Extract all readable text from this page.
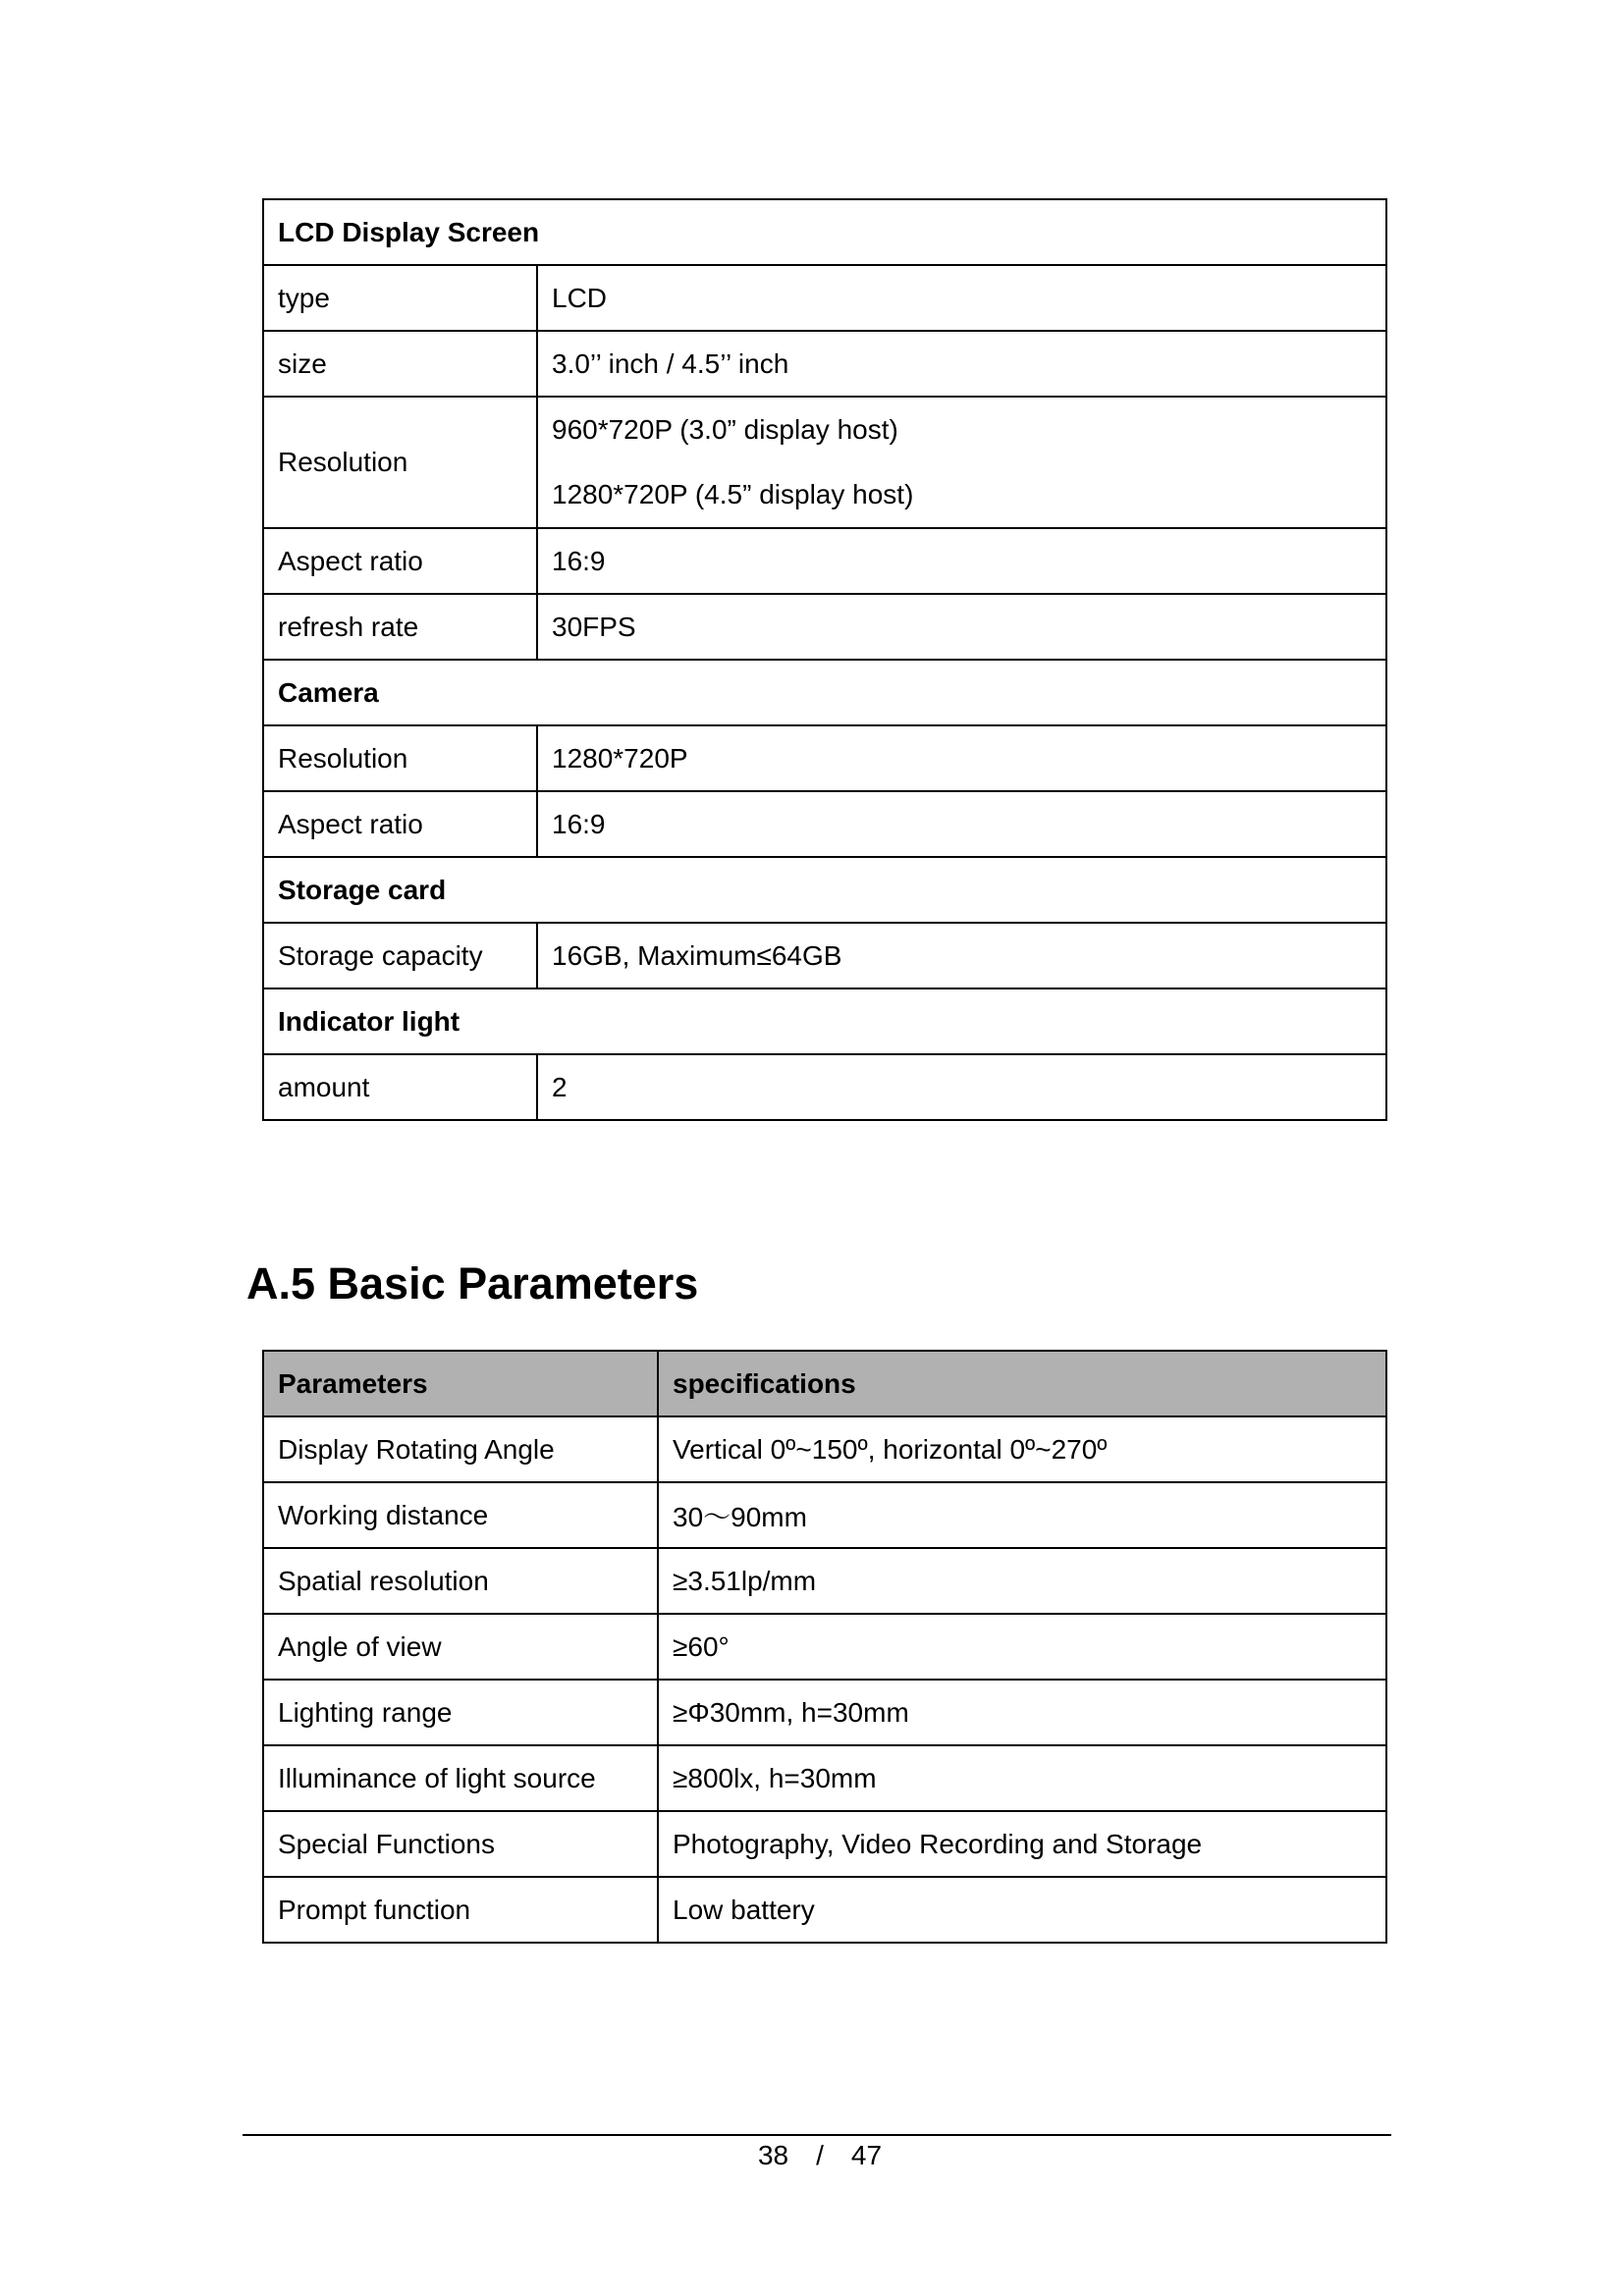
LCD Display Screen	
type	LCD
size	3.0’’ inch / 4.5’’ inch
Resolution	960*720P (3.0” display host)
1280*720P (4.5” display host)

Aspect ratio	16:9
refresh rate	30FPS
Camera	
Resolution	1280*720P
Aspect ratio	16:9
Storage card	
Storage capacity	16GB, Maximum≤64GB
Indicator light	
amount	2
A.5 Basic Parameters
Parameters	specifications
Display Rotating Angle	Vertical 0º~150º, horizontal 0º~270º
Working distance	30～90mm
Spatial resolution	≥3.51lp/mm
Angle of view	≥60°
Lighting range	≥Φ30mm, h=30mm
Illuminance of light source	≥800lx, h=30mm
Special Functions	Photography, Video Recording and Storage
Prompt function	Low battery
38 / 47
